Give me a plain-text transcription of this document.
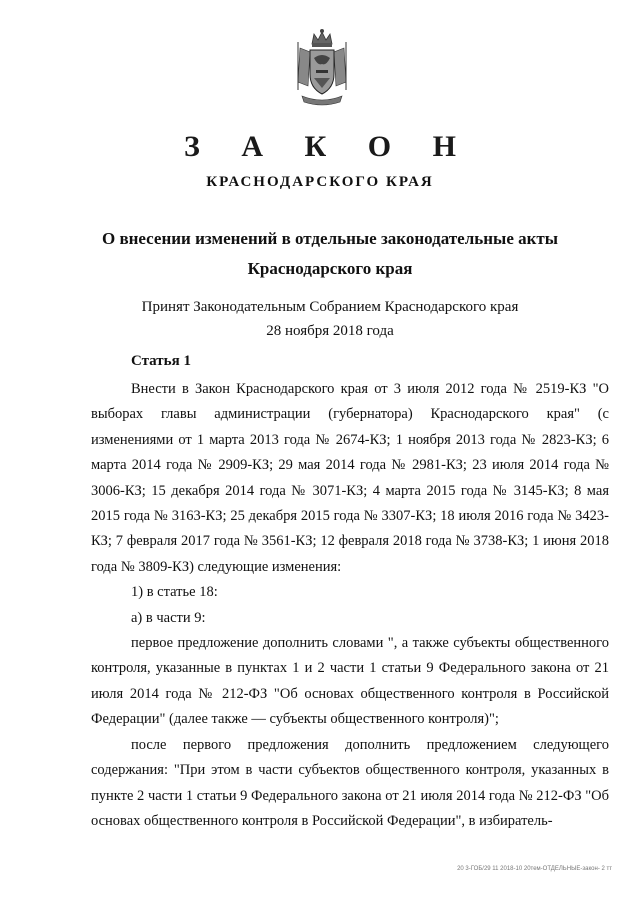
З А К О Н
КРАСНОДАРСКОГО КРАЯ
О внесении изменений в отдельные законодательные акты
Краснодарского края
Принят Законодательным Собранием Краснодарского края
28 ноября 2018 года
Статья 1

Внести в Закон Краснодарского края от 3 июля 2012 года № 2519-КЗ "О выборах главы администрации (губернатора) Краснодарского края" (с изменениями от 1 марта 2013 года № 2674-КЗ; 1 ноября 2013 года № 2823-КЗ; 6 марта 2014 года № 2909-КЗ; 29 мая 2014 года № 2981-КЗ; 23 июля 2014 года № 3006-КЗ; 15 декабря 2014 года № 3071-КЗ; 4 марта 2015 года № 3145-КЗ; 8 мая 2015 года № 3163-КЗ; 25 декабря 2015 года № 3307-КЗ; 18 июля 2016 года № 3423-КЗ; 7 февраля 2017 года № 3561-КЗ; 12 февраля 2018 года № 3738-КЗ; 1 июня 2018 года № 3809-КЗ) следующие изменения:

1) в статье 18:

а) в части 9:

первое предложение дополнить словами ", а также субъекты общественного контроля, указанные в пунктах 1 и 2 части 1 статьи 9 Федерального закона от 21 июля 2014 года № 212-ФЗ "Об основах общественного контроля в Российской Федерации" (далее также — субъекты общественного контроля)";

после первого предложения дополнить предложением следующего содержания: "При этом в части субъектов общественного контроля, указанных в пункте 2 части 1 статьи 9 Федерального закона от 21 июля 2014 года № 212-ФЗ "Об основах общественного контроля в Российской Федерации", в избиратель-

20 3-ГОБ/29 11 2018-10 20тем-ОТДЕЛЬНЫЕ-закон- 2 тт
